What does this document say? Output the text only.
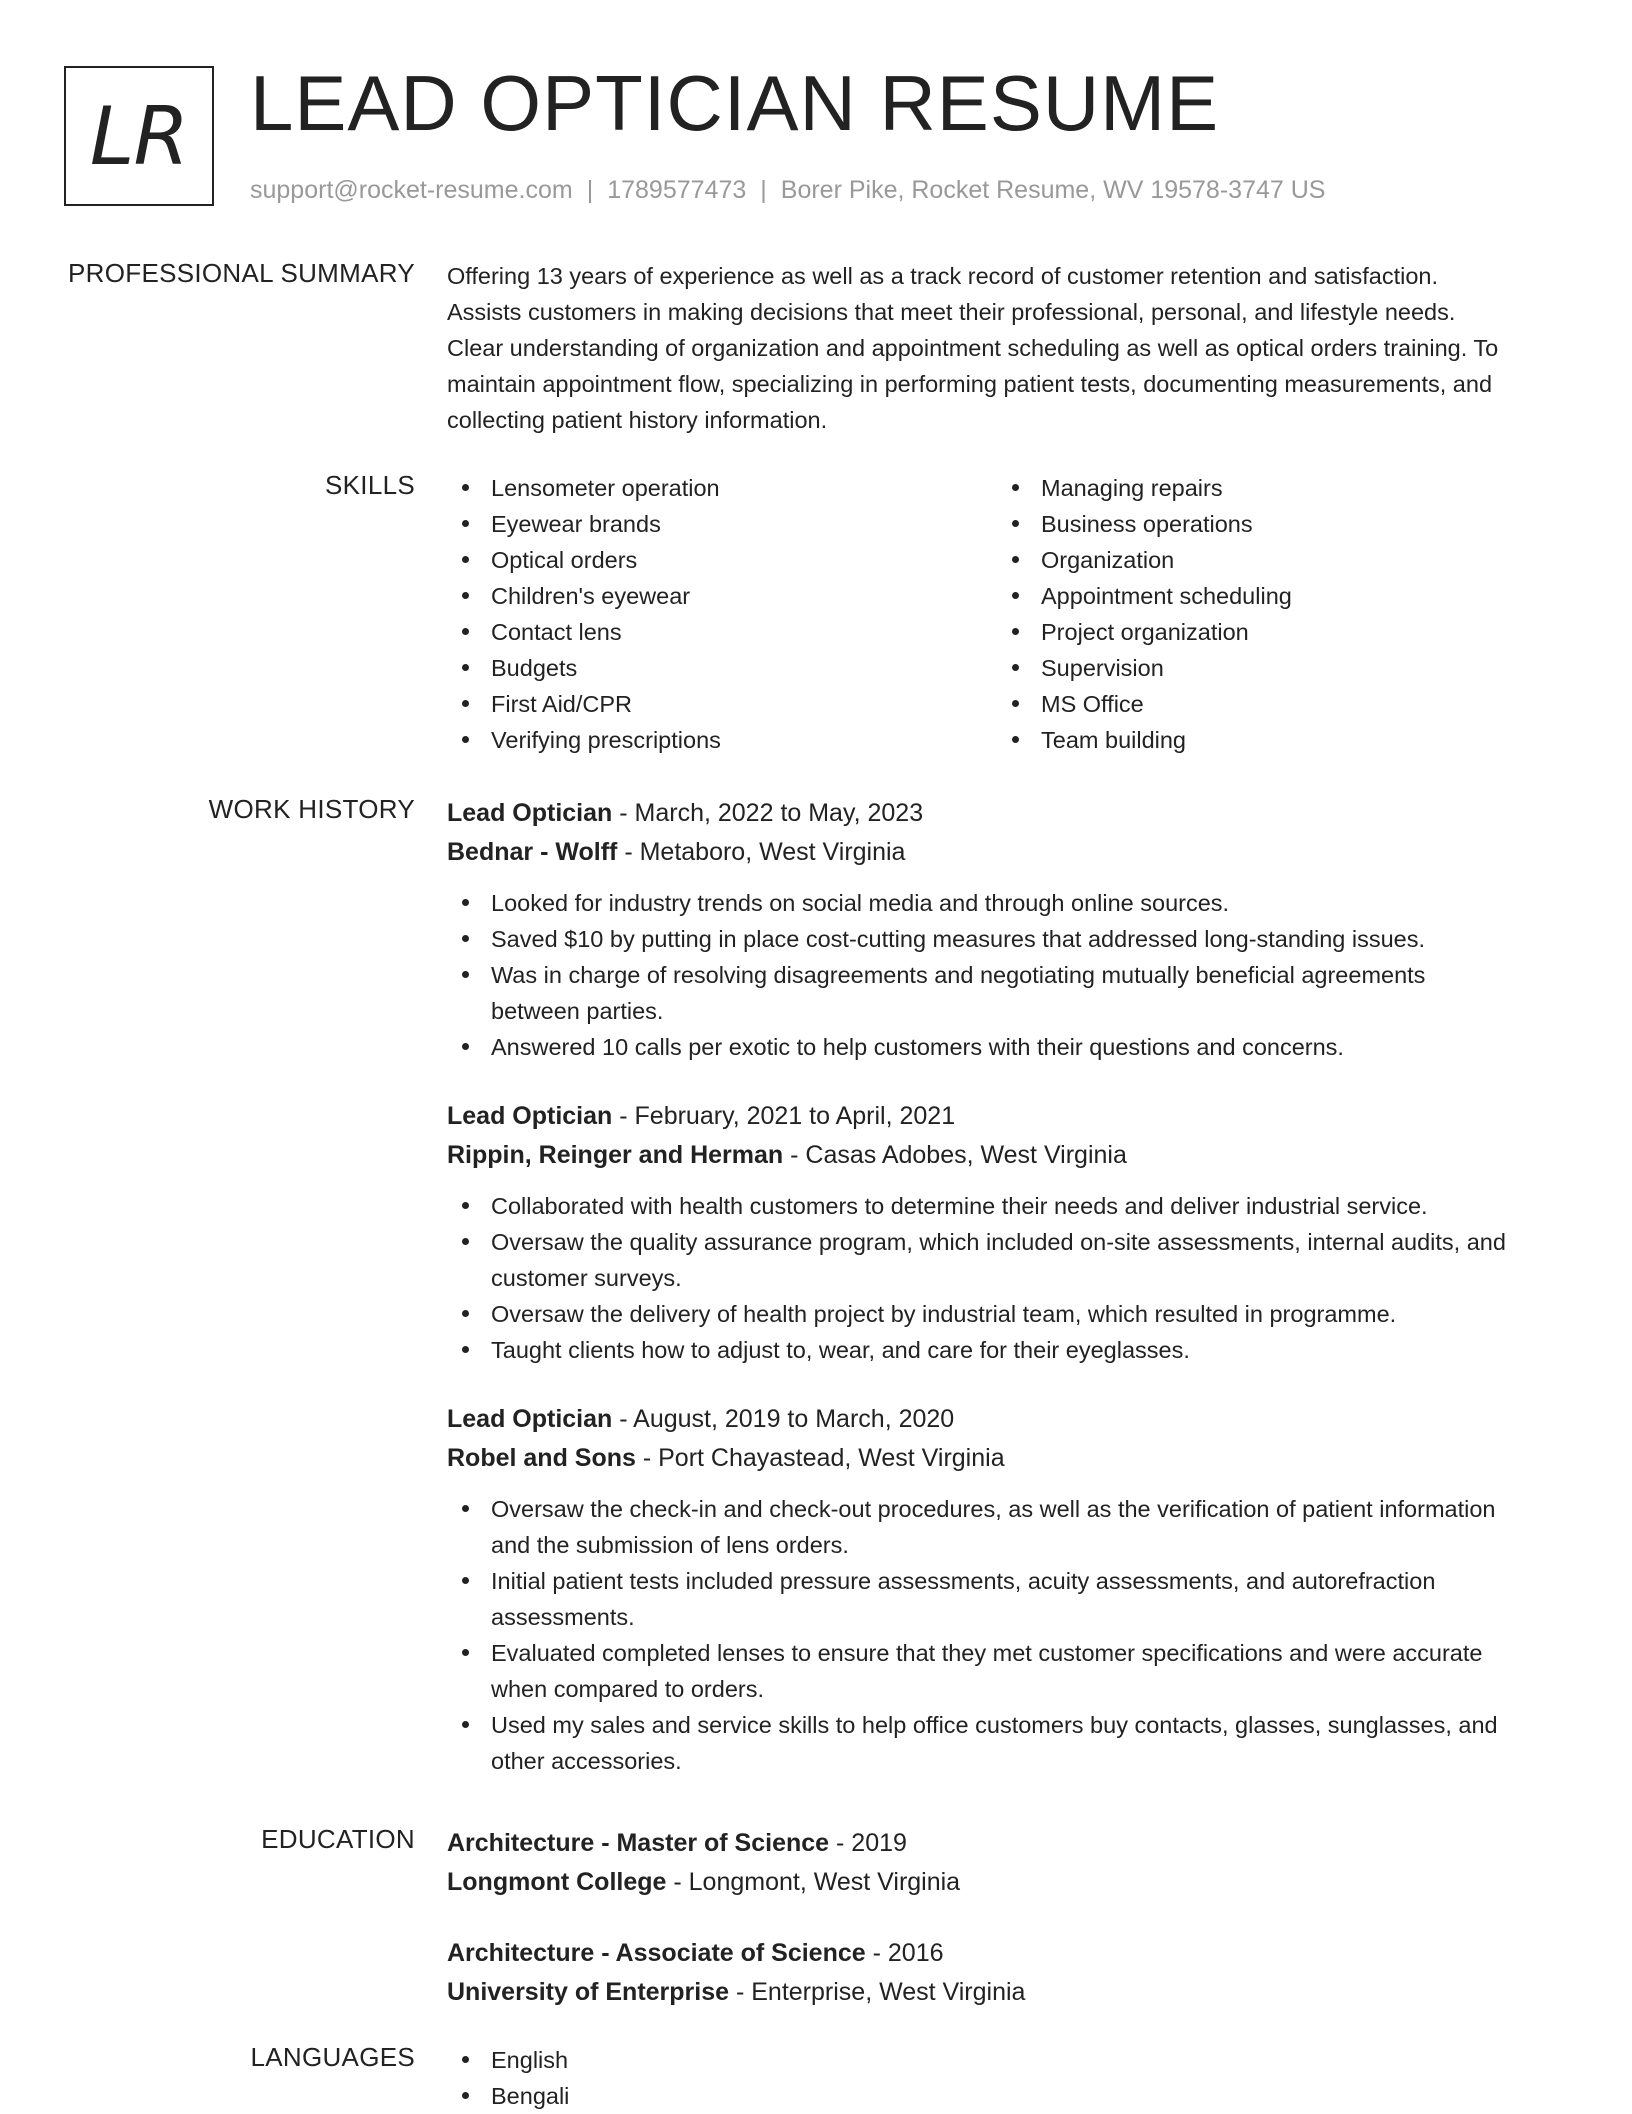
LR LEAD OPTICIAN RESUME
support@rocket-resume.com | 1789577473 | Borer Pike, Rocket Resume, WV 19578-3747 US
PROFESSIONAL SUMMARY Offering 13 years of experience as well as a track record of customer retention and satisfaction.

Assists customers in making decisions that meet their professional, personal, and lifestyle needs.

Clear understanding of organization and appointment scheduling as well as optical orders training. To

maintain appointment flow, specializing in performing patient tests, documenting measurements, and

collecting patient history information.

SKILLS	Lensometer operation
Eyewear brands
Optical orders
Children's eyewear
Contact lens
Budgets
First Aid/CPR
Verifying prescriptions
Managing repairs
Business operations
Organization
Appointment scheduling
Project organization
Supervision
MS Office
Team building
WORK HISTORY Lead Optician - March, 2022 to May, 2023
Bednar - Wolff - Metaboro, West Virginia
Looked for industry trends on social media and through online sources.
Saved $10 by putting in place cost-cutting measures that addressed long-standing issues.
Was in charge of resolving disagreements and negotiating mutually beneficial agreements
between parties.
Answered 10 calls per exotic to help customers with their questions and concerns.
Lead Optician - February, 2021 to April, 2021
Rippin, Reinger and Herman - Casas Adobes, West Virginia
Collaborated with health customers to determine their needs and deliver industrial service.
Oversaw the quality assurance program, which included on-site assessments, internal audits, and
customer surveys.
Oversaw the delivery of health project by industrial team, which resulted in programme.
Taught clients how to adjust to, wear, and care for their eyeglasses.
Lead Optician - August, 2019 to March, 2020
Robel and Sons - Port Chayastead, West Virginia
Oversaw the check-in and check-out procedures, as well as the verification of patient information
and the submission of lens orders.
Initial patient tests included pressure assessments, acuity assessments, and autorefraction
assessments.
Evaluated completed lenses to ensure that they met customer specifications and were accurate
when compared to orders.
Used my sales and service skills to help office customers buy contacts, glasses, sunglasses, and
other accessories.
EDUCATION Architecture - Master of Science - 2019
Longmont College - Longmont, West Virginia
Architecture - Associate of Science - 2016
University of Enterprise - Enterprise, West Virginia
LANGUAGES	English
Bengali
